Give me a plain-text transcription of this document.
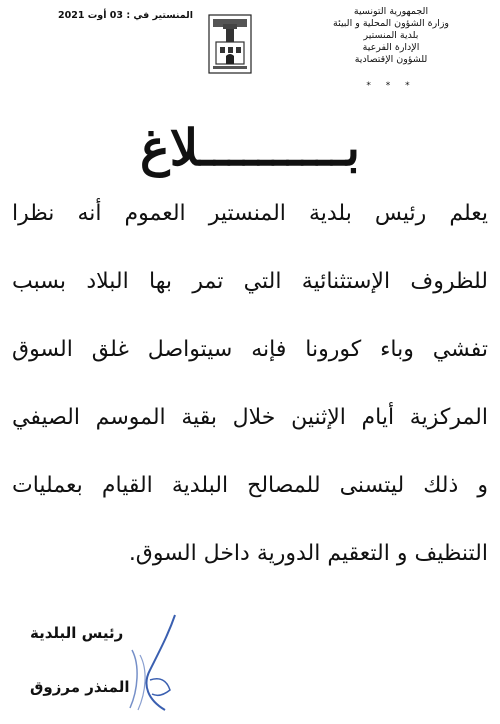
الجمهورية التونسية
وزارة الشؤون المحلية و البيئة
بلدية المنستير
الإدارة الفرعية
للشؤون الإقتصادية
* * *
المنستير في : 03 أوت 2021
بــــــــــلاغ
يعلم رئيس بلدية المنستير العموم أنه نظرا
للظروف الإستثنائية التي تمر بها البلاد بسبب
تفشي وباء كورونا فإنه سيتواصل غلق السوق
المركزية أيام الإثنين خلال بقية الموسم الصيفي
و ذلك ليتسنى للمصالح البلدية القيام بعمليات
التنظيف و التعقيم الدورية داخل السوق.
رئيس البلدية
المنذر مرزوق
